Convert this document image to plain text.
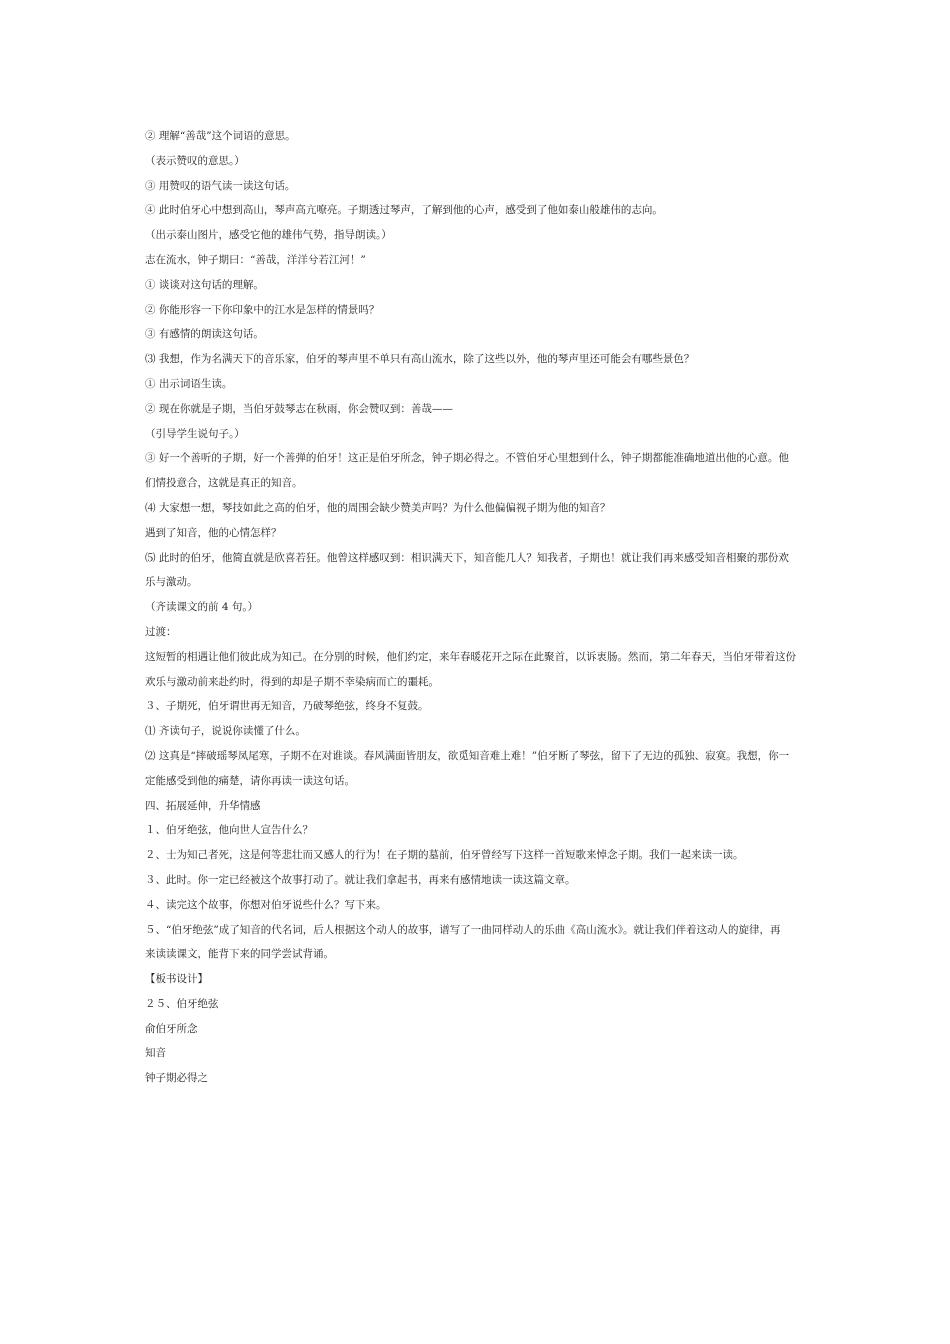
② 理解“善哉”这个词语的意思。
（表示赞叹的意思。）
③ 用赞叹的语气读一读这句话。
④ 此时伯牙心中想到高山，琴声高亢嘹亮。子期透过琴声，了解到他的心声，感受到了他如泰山般雄伟的志向。
（出示泰山图片，感受它他的雄伟气势，指导朗读。）
志在流水，钟子期曰：“善哉，洋洋兮若江河！”
① 谈谈对这句话的理解。
② 你能形容一下你印象中的江水是怎样的情景吗？
③ 有感情的朗读这句话。
⑶ 我想，作为名满天下的音乐家，伯牙的琴声里不单只有高山流水，除了这些以外，他的琴声里还可能会有哪些景色？
① 出示词语生读。
② 现在你就是子期，当伯牙鼓琴志在秋雨，你会赞叹到：善哉——
（引导学生说句子。）
③ 好一个善听的子期，好一个善弹的伯牙！这正是伯牙所念，钟子期必得之。不管伯牙心里想到什么，钟子期都能准确地道出他的心意。他
们情投意合，这就是真正的知音。
⑷ 大家想一想，琴技如此之高的伯牙，他的周围会缺少赞美声吗？为什么他偏偏视子期为他的知音？
遇到了知音，他的心情怎样？
⑸ 此时的伯牙，他简直就是欣喜若狂。他曾这样感叹到：相识满天下，知音能几人？知我者，子期也！就让我们再来感受知音相聚的那份欢
乐与激动。
（齐读课文的前 4 句。）
过渡：
这短暂的相遇让他们彼此成为知己。在分别的时候，他们约定，来年春暖花开之际在此聚首，以诉衷肠。然而，第二年春天，当伯牙带着这份
欢乐与激动前来赴约时，得到的却是子期不幸染病而亡的噩耗。
３、子期死，伯牙谓世再无知音，乃破琴绝弦，终身不复鼓。
⑴ 齐读句子，说说你读懂了什么。
⑵ 这真是“摔破瑶琴凤尾寒，子期不在对谁谈。春风满面皆朋友，欲觅知音难上难！”伯牙断了琴弦，留下了无边的孤独、寂寞。我想，你一
定能感受到他的痛楚，请你再读一读这句话。
四、拓展延伸，升华情感
１、伯牙绝弦，他向世人宣告什么？
２、士为知己者死，这是何等悲壮而又感人的行为！在子期的墓前，伯牙曾经写下这样一首短歌来悼念子期。我们一起来读一读。
３、此时。你一定已经被这个故事打动了。就让我们拿起书，再来有感情地读一读这篇文章。
４、读完这个故事，你想对伯牙说些什么？写下来。
５、“伯牙绝弦”成了知音的代名词，后人根据这个动人的故事，谱写了一曲同样动人的乐曲《高山流水》。就让我们伴着这动人的旋律，再
来读读课文，能背下来的同学尝试背诵。
【板书设计】
２５、伯牙绝弦
俞伯牙所念
知音
钟子期必得之
